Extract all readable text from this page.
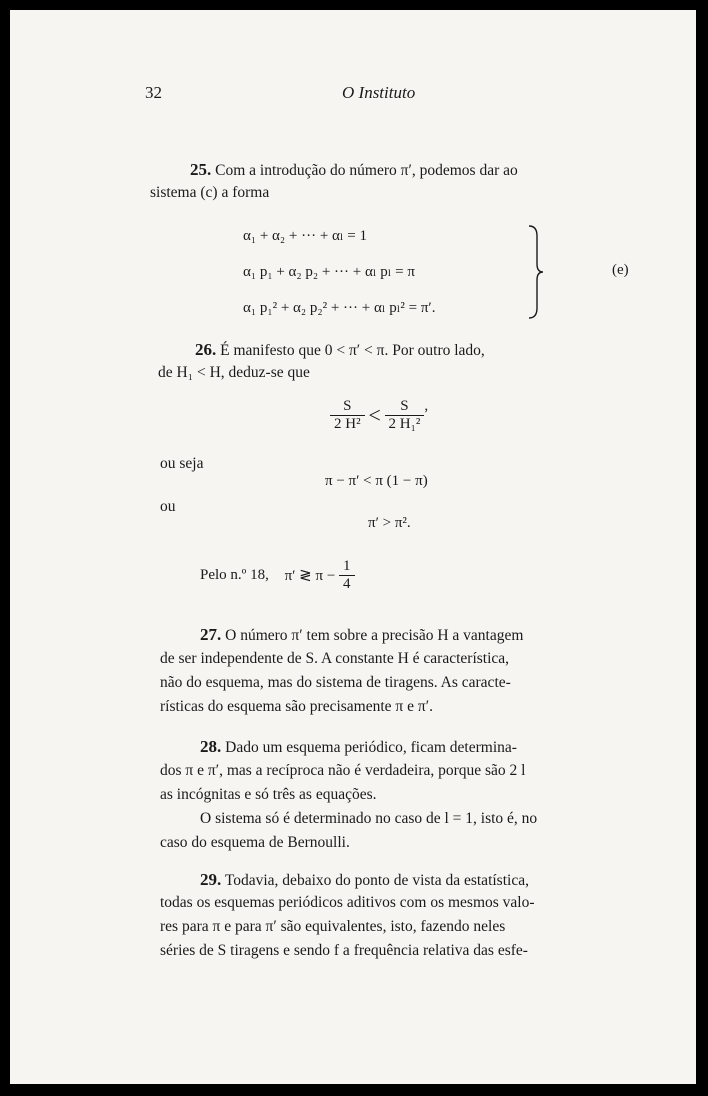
32	O Instituto
25. Com a introdução do número π′, podemos dar ao
sistema (c) a forma
α₁ + α₂ + ··· + αₗ = 1
α₁ p₁ + α₂ p₂ + ··· + αₗ pₗ = π
α₁ p₁² + α₂ p₂² + ··· + αₗ pₗ² = π′.
(e)
26. É manifesto que 0 < π′ < π. Por outro lado,
de H₁ < H, deduz-se que
$\frac{S}{\text{2 H²}} < \frac{S}{\text{2 H₁²}}$ ,
ou seja
π − π′ < π (1 − π)
ou
π′ > π².
Pelo n.º 18, π′ ≷ $\pi - \frac{1}{4}$
27. O número π′ tem sobre a precisão H a vantagem
de ser independente de S. A constante H é característica,
não do esquema, mas do sistema de tiragens. As caracte-
rísticas do esquema são precisamente π e π′.
28. Dado um esquema periódico, ficam determina-
dos π e π′, mas a recíproca não é verdadeira, porque são 2 l
as incógnitas e só três as equações.
O sistema só é determinado no caso de l = 1, isto é, no
caso do esquema de Bernoulli.
29. Todavia, debaixo do ponto de vista da estatística,
todas os esquemas periódicos aditivos com os mesmos valo-
res para π e para π′ são equivalentes, isto, fazendo neles
séries de S tiragens e sendo f a frequência relativa das esfe-
